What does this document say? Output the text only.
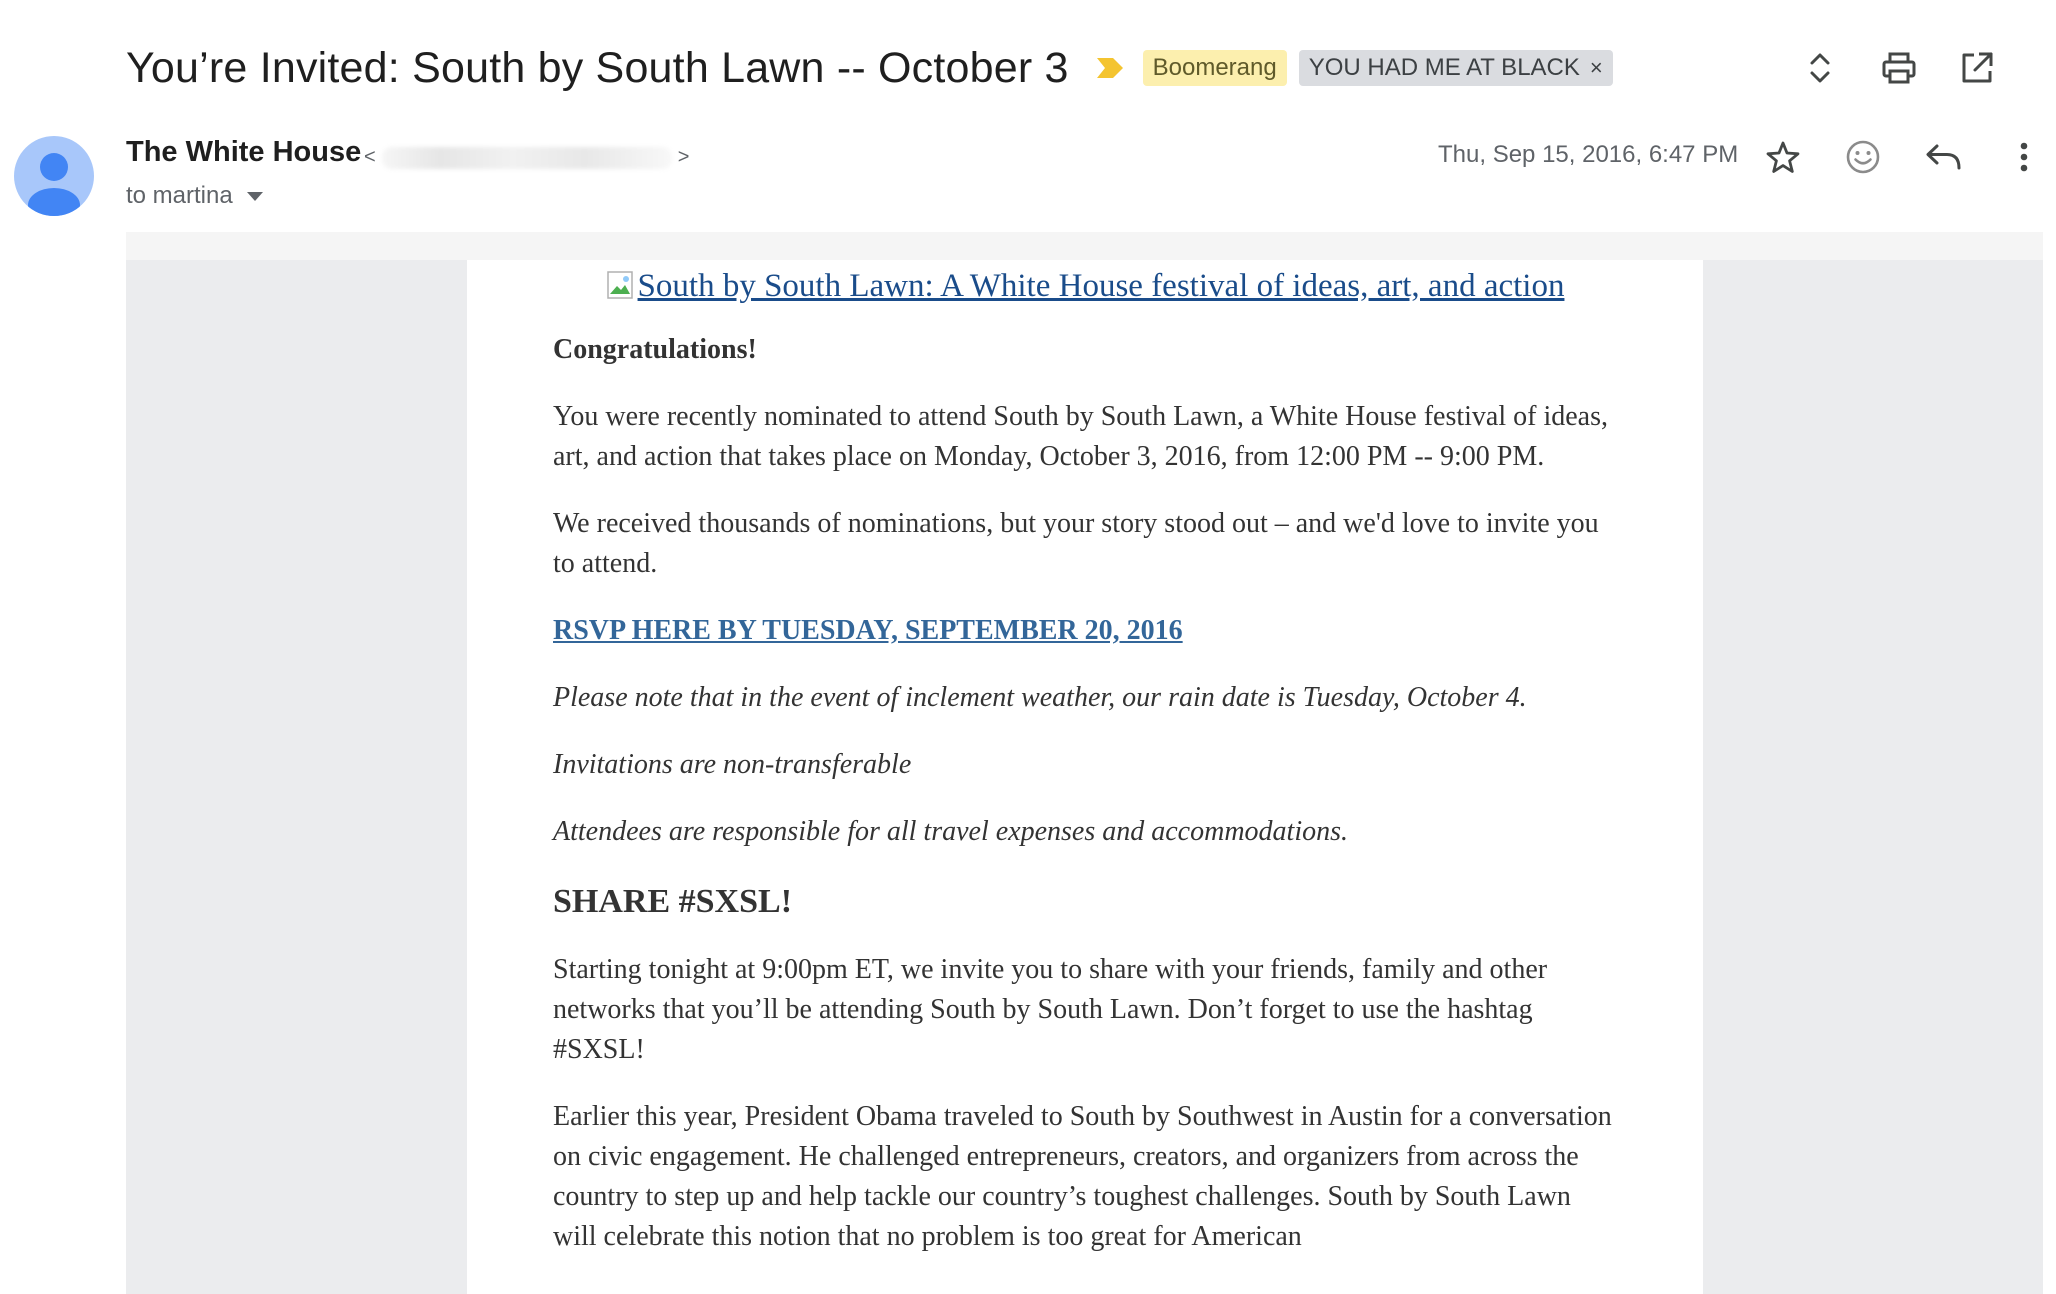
You’re Invited: South by South Lawn -- October 3	Boomerang YOU HAD ME AT BLACK ×
The White House <	>
to martina
Thu, Sep 15, 2016, 6:47 PM
South by South Lawn: A White House festival of ideas, art, and action

Congratulations!

You were recently nominated to attend South by South Lawn, a White House festival of ideas, art, and action that takes place on Monday, October 3, 2016, from 12:00 PM -- 9:00 PM.

We received thousands of nominations, but your story stood out – and we'd love to invite you to attend.

RSVP HERE BY TUESDAY, SEPTEMBER 20, 2016

Please note that in the event of inclement weather, our rain date is Tuesday, October 4.

Invitations are non-transferable

Attendees are responsible for all travel expenses and accommodations.

SHARE #SXSL!

Starting tonight at 9:00pm ET, we invite you to share with your friends, family and other networks that you’ll be attending South by South Lawn. Don’t forget to use the hashtag #SXSL!

Earlier this year, President Obama traveled to South by Southwest in Austin for a conversation on civic engagement. He challenged entrepreneurs, creators, and organizers from across the country to step up and help tackle our country’s toughest challenges. South by South Lawn will celebrate this notion that no problem is too great for American
